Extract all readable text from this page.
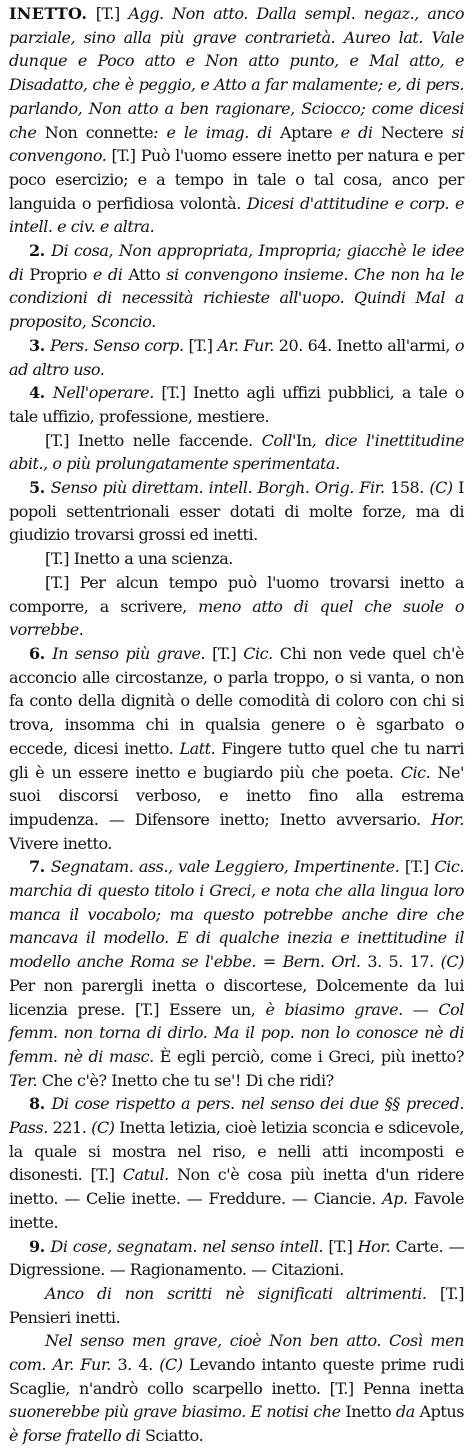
INETTO. [T.] Agg. Non atto. Dalla sempl. negaz., anco parziale, sino alla più grave contrarietà. Aureo lat. Vale dunque e Poco atto e Non atto punto, e Mal atto, e Disadatto, che è peggio, e Atto a far malamente; e, di pers. parlando, Non atto a ben ragionare, Sciocco; come dicesi che Non connette: e le imag. di Aptare e di Nectere si convengono. [T.] Può l'uomo essere inetto per natura e per poco esercizio; e a tempo in tale o tal cosa, anco per languida o perfidiosa volontà. Dicesi d'attitudine e corp. e intell. e civ. e altra.

2. Di cosa, Non appropriata, Impropria; giacchè le idee di Proprio e di Atto si convengono insieme. Che non ha le condizioni di necessità richieste all'uopo. Quindi Mal a proposito, Sconcio.

3. Pers. Senso corp. [T.] Ar. Fur. 20. 64. Inetto all'armi, o ad altro uso.

4. Nell'operare. [T.] Inetto agli uffizi pubblici, a tale o tale uffizio, professione, mestiere.

[T.] Inetto nelle faccende. Coll'In, dice l'inettitudine abit., o più prolungatamente sperimentata.

5. Senso più direttam. intell. Borgh. Orig. Fir. 158. (C) I popoli settentrionali esser dotati di molte forze, ma di giudizio trovarsi grossi ed inetti.

[T.] Inetto a una scienza.

[T.] Per alcun tempo può l'uomo trovarsi inetto a comporre, a scrivere, meno atto di quel che suole o vorrebbe.

6. In senso più grave. [T.] Cic. Chi non vede quel ch'è acconcio alle circostanze, o parla troppo, o si vanta, o non fa conto della dignità o delle comodità di coloro con chi si trova, insomma chi in qualsia genere o è sgarbato o eccede, dicesi inetto. Latt. Fingere tutto quel che tu narri gli è un essere inetto e bugiardo più che poeta. Cic. Ne' suoi discorsi verboso, e inetto fino alla estrema impudenza. — Difensore inetto; Inetto avversario. Hor. Vivere inetto.

7. Segnatam. ass., vale Leggiero, Impertinente. [T.] Cic. marchia di questo titolo i Greci, e nota che alla lingua loro manca il vocabolo; ma questo potrebbe anche dire che mancava il modello. E di qualche inezia e inettitudine il modello anche Roma se l'ebbe. = Bern. Orl. 3. 5. 17. (C) Per non parergli inetta o discortese, Dolcemente da lui licenzia prese. [T.] Essere un, è biasimo grave. — Col femm. non torna di dirlo. Ma il pop. non lo conosce nè di femm. nè di masc. È egli perciò, come i Greci, più inetto? Ter. Che c'è? Inetto che tu se'! Di che ridi?

8. Di cose rispetto a pers. nel senso dei due §§ preced. Pass. 221. (C) Inetta letizia, cioè letizia sconcia e sdicevole, la quale si mostra nel riso, e nelli atti incomposti e disonesti. [T.] Catul. Non c'è cosa più inetta d'un ridere inetto. — Celie inette. — Freddure. — Ciancie. Ap. Favole inette.

9. Di cose, segnatam. nel senso intell. [T.] Hor. Carte. — Digressione. — Ragionamento. — Citazioni.

Anco di non scritti nè significati altrimenti. [T.] Pensieri inetti.

Nel senso men grave, cioè Non ben atto. Così men com. Ar. Fur. 3. 4. (C) Levando intanto queste prime rudi Scaglie, n'andrò collo scarpello inetto. [T.] Penna inetta suonerebbe più grave biasimo. E notisi che Inetto da Aptus è forse fratello di Sciatto.
